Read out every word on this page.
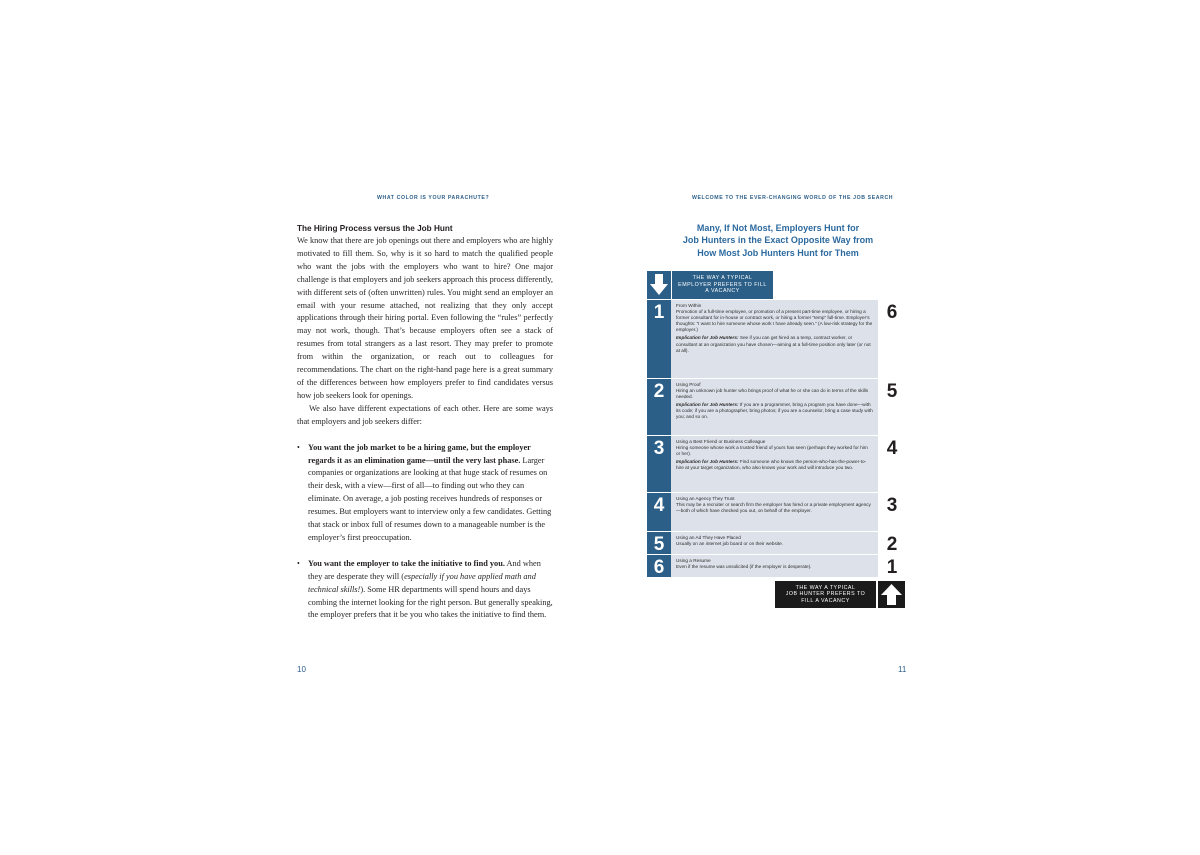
WHAT COLOR IS YOUR PARACHUTE?
The Hiring Process versus the Job Hunt

We know that there are job openings out there and employers who are highly motivated to fill them. So, why is it so hard to match the qualified people who want the jobs with the employers who want to hire? One major challenge is that employers and job seekers approach this process differently, with different sets of (often unwritten) rules. You might send an employer an email with your resume attached, not realizing that they only accept applications through their hiring portal. Even following the “rules” perfectly may not work, though. That’s because employers often see a stack of resumes from total strangers as a last resort. They may prefer to promote from within the organization, or reach out to colleagues for recommendations. The chart on the right-hand page here is a great summary of the differences between how employers prefer to find candidates versus how job seekers look for openings.

We also have different expectations of each other. Here are some ways that employers and job seekers differ:

• You want the job market to be a hiring game, but the employer regards it as an elimination game—until the very last phase. Larger companies or organizations are looking at that huge stack of resumes on their desk, with a view—first of all—to finding out who they can eliminate. On average, a job posting receives hundreds of responses or resumes. But employers want to interview only a few candidates. Getting that stack or inbox full of resumes down to a manageable number is the employer’s first preoccupation.
• You want the employer to take the initiative to find you. And when they are desperate they will (especially if you have applied math and technical skills!). Some HR departments will spend hours and days combing the internet looking for the right person. But generally speaking, the employer prefers that it be you who takes the initiative to find them.
10
WELCOME TO THE EVER-CHANGING WORLD OF THE JOB SEARCH
Many, If Not Most, Employers Hunt for
Job Hunters in the Exact Opposite Way from
How Most Job Hunters Hunt for Them
THE WAY A TYPICAL
EMPLOYER PREFERS TO FILL
A VACANCY
1	From Within

Promotion of a full-time employee, or promotion of a present part-time employee, or hiring a former consultant for in-house or contract work, or hiring a former “temp” full-time. Employer’s thoughts: “I want to hire someone whose work I have already seen.” (A low-risk strategy for the employer.)

Implication for Job Hunters: See if you can get hired as a temp, contract worker, or consultant at an organization you have chosen—aiming at a full-time position only later (or not at all).

6
2	Using Proof

Hiring an unknown job hunter who brings proof of what he or she can do in terms of the skills needed.

Implication for Job Hunters: If you are a programmer, bring a program you have done—with its code; if you are a photographer, bring photos; if you are a counselor, bring a case study with you; and so on.

5
3	Using a Best Friend or Business Colleague

Hiring someone whose work a trusted friend of yours has seen (perhaps they worked for him or her).

Implication for Job Hunters: Find someone who knows the person-who-has-the-power-to-hire at your target organization, who also knows your work and will introduce you two.

4
4	Using an Agency They Trust

This may be a recruiter or search firm the employer has hired or a private employment agency—both of which have checked you out, on behalf of the employer.	3
5	Using an Ad They Have Placed

Usually on an internet job board or on their website.	2
6	Using a Resume

Even if the resume was unsolicited (if the employer is desperate).	1
THE WAY A TYPICAL
JOB HUNTER PREFERS TO
FILL A VACANCY
11
